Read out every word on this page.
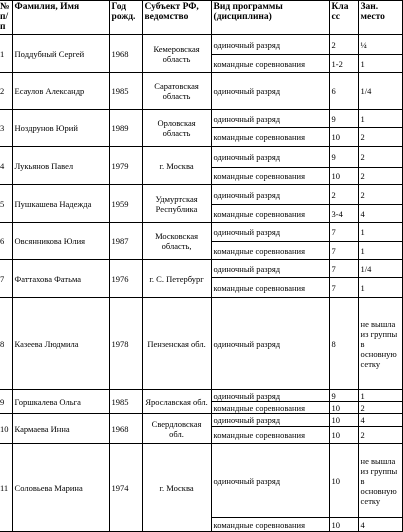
№ п/п	Фамилия, Имя	Год рожд.	Субъект РФ, ведомство	Вид программы (дисциплина)	Кла сс	Зан. место
1	Поддубный Сергей	1968	Кемеровская область	одиночный разряд	2	¼
				командные соревнования	1-2	1
2	Есаулов Александр	1985	Саратовская область	одиночный разряд	6	1/4
3	Ноздрунов Юрий	1989	Орловская область	одиночный разряд	9	1
				командные соревнования	10	2
4	Лукьянов Павел	1979	г. Москва	одиночный разряд	9	2
				командные соревнования	10	2
5	Пушкашева Надежда	1959	Удмуртская Республика	одиночный разряд	2	2
				командные соревнования	3-4	4
6	Овсянникова Юлия	1987	Московская область,	одиночный разряд	7	1
				командные соревнования	7	1
7	Фаттахова Фатьма	1976	г. С. Петербург	одиночный разряд	7	1/4
				командные соревнования	7	1
8	Казеева Людмила	1978	Пензенская обл.	одиночный разряд	8	не вышла из группы в основную сетку
9	Горшкалева Ольга	1985	Ярославская обл.	одиночный разряд	9	1
				командные соревнования	10	2
10	Кармаева Инна	1968	Свердловская обл.	одиночный разряд	10	4
				командные соревнования	10	2
11	Соловьева Марина	1974	г. Москва	одиночный разряд	10	не вышла из группы в основную сетку
				командные соревнования	10	4
